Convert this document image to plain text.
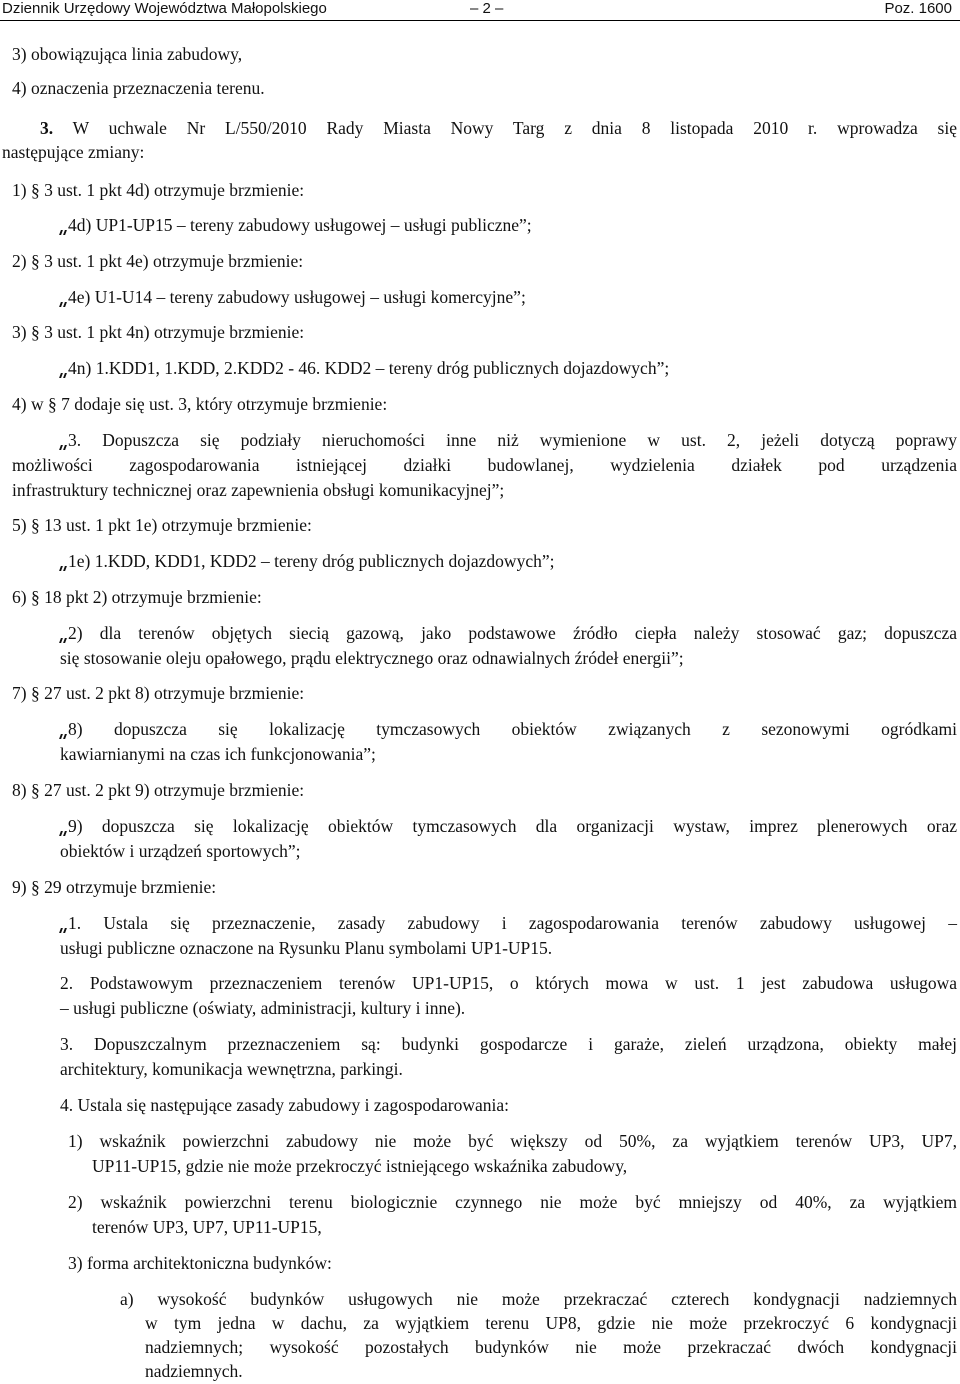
Dziennik Urzędowy Województwa Małopolskiego	– 2 –	Poz. 1600

3) obowiązująca linia zabudowy,

4) oznaczenia przeznaczenia terenu.

3. W uchwale Nr L/550/2010 Rady Miasta Nowy Targ z dnia 8 listopada 2010 r. wprowadza się

następujące zmiany:

1) § 3 ust. 1 pkt 4d) otrzymuje brzmienie:

4d) UP1-UP15 – tereny zabudowy usługowej – usługi publiczne”;

2) § 3 ust. 1 pkt 4e) otrzymuje brzmienie:

4e) U1-U14 – tereny zabudowy usługowej – usługi komercyjne”;

3) § 3 ust. 1 pkt 4n) otrzymuje brzmienie:

4n) 1.KDD1, 1.KDD, 2.KDD2 - 46. KDD2 – tereny dróg publicznych dojazdowych”;

4) w § 7 dodaje się ust. 3, który otrzymuje brzmienie:

3. Dopuszcza się podziały nieruchomości inne niż wymienione w ust. 2, jeżeli dotyczą poprawy

możliwości zagospodarowania istniejącej działki budowlanej, wydzielenia działek pod urządzenia

infrastruktury technicznej oraz zapewnienia obsługi komunikacyjnej”;

5) § 13 ust. 1 pkt 1e) otrzymuje brzmienie:

1e) 1.KDD, KDD1, KDD2 – tereny dróg publicznych dojazdowych”;

6) § 18 pkt 2) otrzymuje brzmienie:

2) dla terenów objętych siecią gazową, jako podstawowe źródło ciepła należy stosować gaz; dopuszcza

się stosowanie oleju opałowego, prądu elektrycznego oraz odnawialnych źródeł energii”;

7) § 27 ust. 2 pkt 8) otrzymuje brzmienie:

8) dopuszcza się lokalizację tymczasowych obiektów związanych z sezonowymi ogródkami

kawiarnianymi na czas ich funkcjonowania”;

8) § 27 ust. 2 pkt 9) otrzymuje brzmienie:

9) dopuszcza się lokalizację obiektów tymczasowych dla organizacji wystaw, imprez plenerowych oraz

obiektów i urządzeń sportowych”;

9) § 29 otrzymuje brzmienie:

1. Ustala się przeznaczenie, zasady zabudowy i zagospodarowania terenów zabudowy usługowej –

usługi publiczne oznaczone na Rysunku Planu symbolami UP1-UP15.

2. Podstawowym przeznaczeniem terenów UP1-UP15, o których mowa w ust. 1 jest zabudowa usługowa

– usługi publiczne (oświaty, administracji, kultury i inne).

3. Dopuszczalnym przeznaczeniem są: budynki gospodarcze i garaże, zieleń urządzona, obiekty małej

architektury, komunikacja wewnętrzna, parkingi.

4. Ustala się następujące zasady zabudowy i zagospodarowania:

1) wskaźnik powierzchni zabudowy nie może być większy od 50%, za wyjątkiem terenów UP3, UP7,

UP11-UP15, gdzie nie może przekroczyć istniejącego wskaźnika zabudowy,

2) wskaźnik powierzchni terenu biologicznie czynnego nie może być mniejszy od 40%, za wyjątkiem

terenów UP3, UP7, UP11-UP15,

3) forma architektoniczna budynków:

a) wysokość budynków usługowych nie może przekraczać czterech kondygnacji nadziemnych

w tym jedna w dachu, za wyjątkiem terenu UP8, gdzie nie może przekroczyć 6 kondygnacji

nadziemnych; wysokość pozostałych budynków nie może przekraczać dwóch kondygnacji

nadziemnych.
